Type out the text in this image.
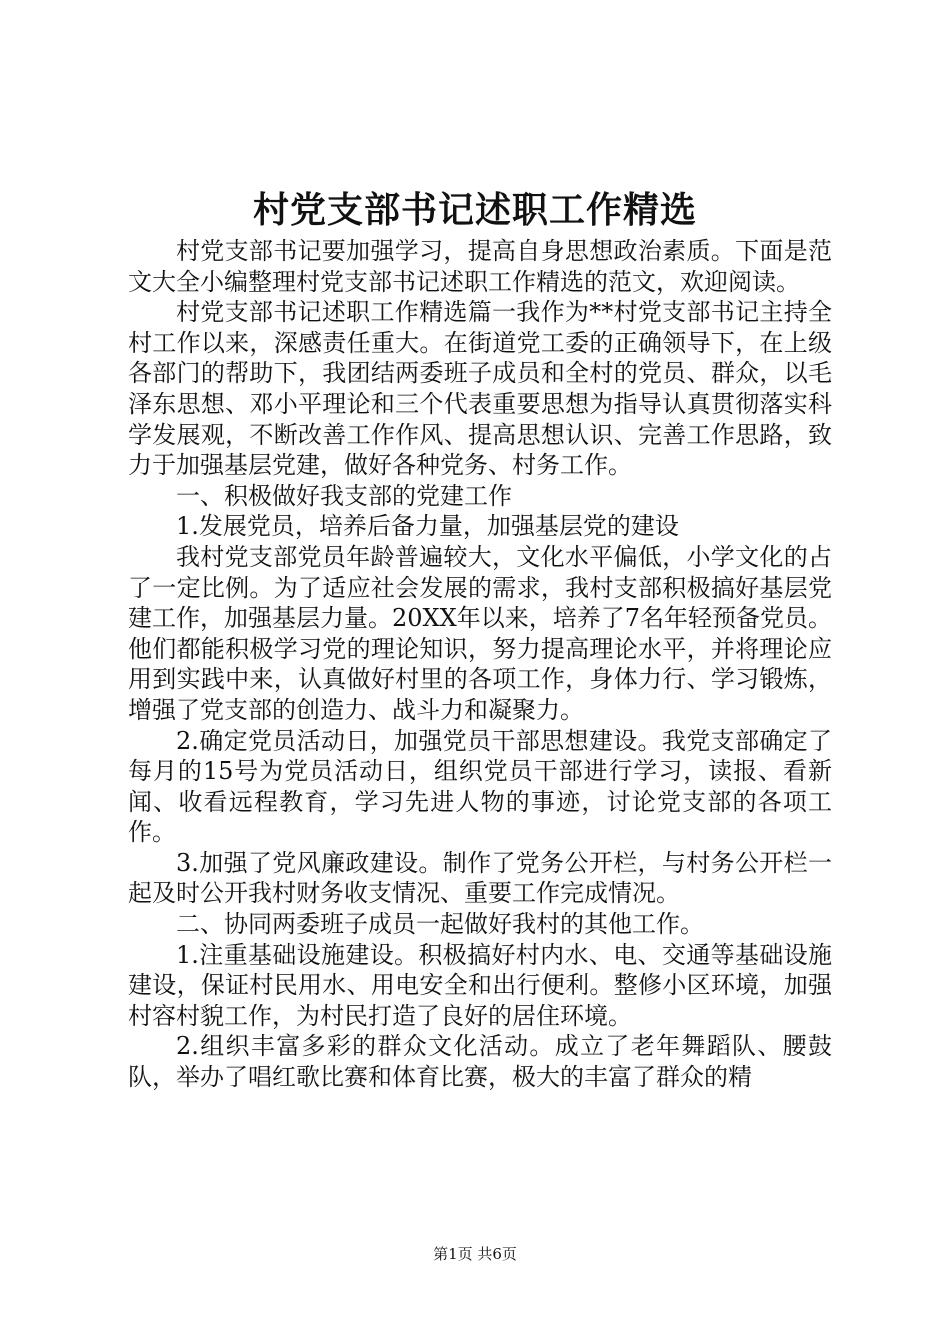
村党支部书记述职工作精选

村党支部书记要加强学习，提高自身思想政治素质。下面是范文大全小编整理村党支部书记述职工作精选的范文，欢迎阅读。

村党支部书记述职工作精选篇一我作为**村党支部书记主持全村工作以来，深感责任重大。在街道党工委的正确领导下，在上级各部门的帮助下，我团结两委班子成员和全村的党员、群众，以毛泽东思想、邓小平理论和三个代表重要思想为指导认真贯彻落实科学发展观，不断改善工作作风、提高思想认识、完善工作思路，致力于加强基层党建，做好各种党务、村务工作。

一、积极做好我支部的党建工作

1.发展党员，培养后备力量，加强基层党的建设

我村党支部党员年龄普遍较大，文化水平偏低，小学文化的占了一定比例。为了适应社会发展的需求，我村支部积极搞好基层党建工作，加强基层力量。20XX年以来，培养了7名年轻预备党员。他们都能积极学习党的理论知识，努力提高理论水平，并将理论应用到实践中来，认真做好村里的各项工作，身体力行、学习锻炼，增强了党支部的创造力、战斗力和凝聚力。

2.确定党员活动日，加强党员干部思想建设。我党支部确定了每月的15号为党员活动日，组织党员干部进行学习，读报、看新闻、收看远程教育，学习先进人物的事迹，讨论党支部的各项工作。

3.加强了党风廉政建设。制作了党务公开栏，与村务公开栏一起及时公开我村财务收支情况、重要工作完成情况。

二、协同两委班子成员一起做好我村的其他工作。

1.注重基础设施建设。积极搞好村内水、电、交通等基础设施建设，保证村民用水、用电安全和出行便利。整修小区环境，加强村容村貌工作，为村民打造了良好的居住环境。

2.组织丰富多彩的群众文化活动。成立了老年舞蹈队、腰鼓队，举办了唱红歌比赛和体育比赛，极大的丰富了群众的精

第1页 共6页
